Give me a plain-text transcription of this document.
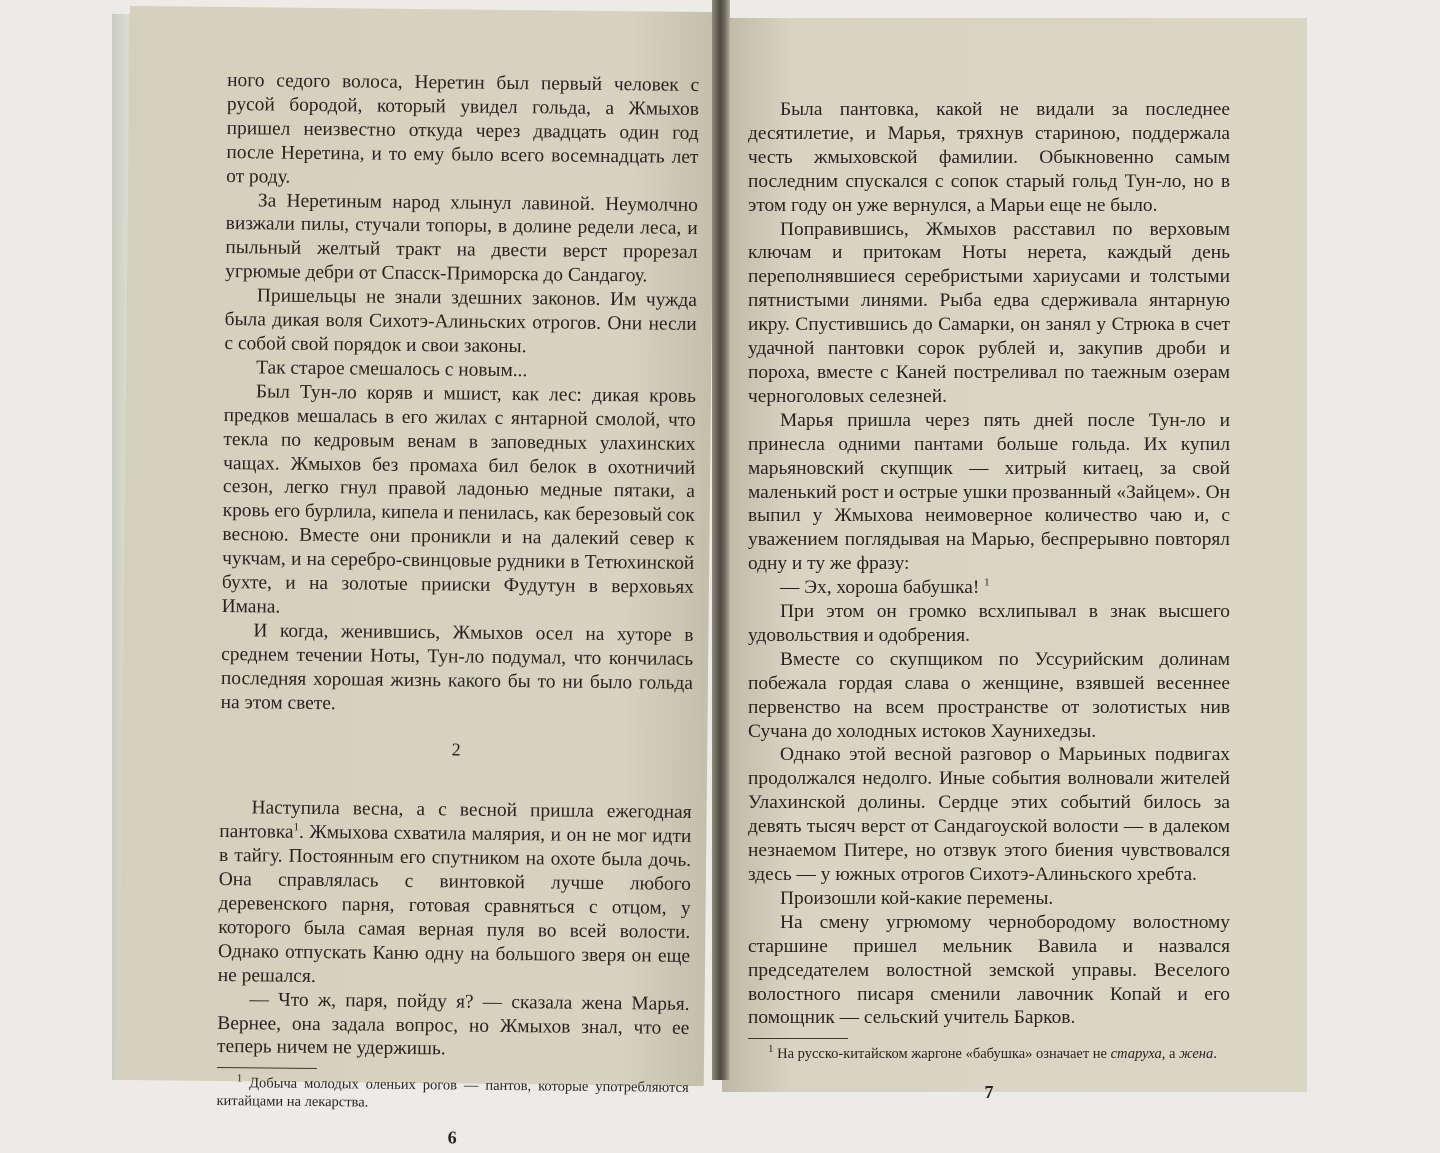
ного седого волоса, Неретин был первый человек с русой бородой, который увидел гольда, а Жмыхов пришел неизвестно откуда через двадцать один год после Неретина, и то ему было всего восемнадцать лет от роду.

За Неретиным народ хлынул лавиной. Неумолчно визжали пилы, стучали топоры, в долине редели леса, и пыльный желтый тракт на двести верст прорезал угрюмые дебри от Спасск-Приморска до Сандагоу.

Пришельцы не знали здешних законов. Им чужда была дикая воля Сихотэ-Алиньских отрогов. Они несли с собой свой порядок и свои законы.

Так старое смешалось с новым...

Был Тун-ло коряв и мшист, как лес: дикая кровь предков мешалась в его жилах с янтарной смолой, что текла по кедровым венам в заповедных улахинских чащах. Жмыхов без промаха бил белок в охотничий сезон, легко гнул правой ладонью медные пятаки, а кровь его бурлила, кипела и пенилась, как березовый сок весною. Вместе они проникли и на далекий север к чукчам, и на серебро-свинцовые рудники в Тетюхинской бухте, и на золотые прииски Фудутун в верховьях Имана.

И когда, женившись, Жмыхов осел на хуторе в среднем течении Ноты, Тун-ло подумал, что кончилась последняя хорошая жизнь какого бы то ни было гольда на этом свете.

2

Наступила весна, а с весной пришла ежегодная пантовка$^1$. Жмыхова схватила малярия, и он не мог идти в тайгу. Постоянным его спутником на охоте была дочь. Она справлялась с винтовкой лучше любого деревенского парня, готовая сравняться с отцом, у которого была самая верная пуля во всей волости. Однако отпускать Каню одну на большого зверя он еще не решался.

— Что ж, паря, пойду я? — сказала жена Марья. Вернее, она задала вопрос, но Жмыхов знал, что ее теперь ничем не удержишь.

$^1$ Добыча молодых оленьих рогов — пантов, которые употребляются китайцами на лекарства.

6

Была пантовка, какой не видали за последнее десятилетие, и Марья, тряхнув стариною, поддержала честь жмыховской фамилии. Обыкновенно самым последним спускался с сопок старый гольд Тун-ло, но в этом году он уже вернулся, а Марьи еще не было.

Поправившись, Жмыхов расставил по верховым ключам и притокам Ноты нерета, каждый день переполнявшиеся серебристыми хариусами и толстыми пятнистыми линями. Рыба едва сдерживала янтарную икру. Спустившись до Самарки, он занял у Стрюка в счет удачной пантовки сорок рублей и, закупив дроби и пороха, вместе с Каней постреливал по таежным озерам черноголовых селезней.

Марья пришла через пять дней после Тун-ло и принесла одними пантами больше гольда. Их купил марьяновский скупщик — хитрый китаец, за свой маленький рост и острые ушки прозванный «Зайцем». Он выпил у Жмыхова неимоверное количество чаю и, с уважением поглядывая на Марью, беспрерывно повторял одну и ту же фразу:

— Эх, хороша бабушка! $^1$

При этом он громко всхлипывал в знак высшего удовольствия и одобрения.

Вместе со скупщиком по Уссурийским долинам побежала гордая слава о женщине, взявшей весеннее первенство на всем пространстве от золотистых нив Сучана до холодных истоков Хаунихедзы.

Однако этой весной разговор о Марьиных подвигах продолжался недолго. Иные события волновали жителей Улахинской долины. Сердце этих событий билось за девять тысяч верст от Сандагоуской волости — в далеком незнаемом Питере, но отзвук этого биения чувствовался здесь — у южных отрогов Сихотэ-Алиньского хребта.

Произошли кой-какие перемены.

На смену угрюмому чернобородому волостному старшине пришел мельник Вавила и назвался председателем волостной земской управы. Веселого волостного писаря сменили лавочник Копай и его помощник — сельский учитель Барков.

$^1$ На русско-китайском жаргоне «бабушка» означает не старуха, а жена.

7
